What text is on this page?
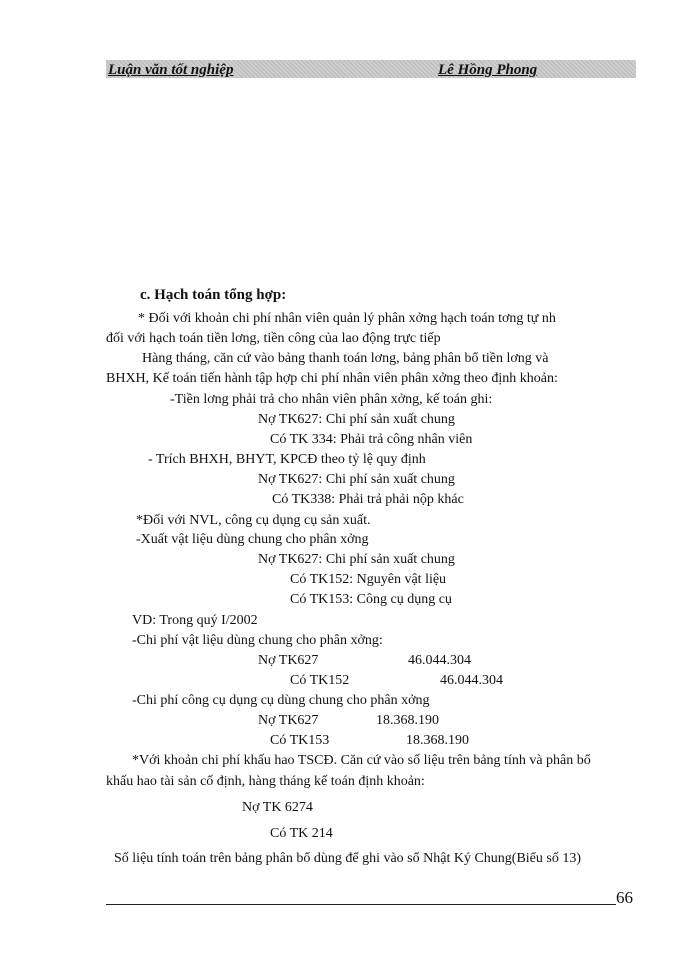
Luận văn tốt nghiệp	Lê Hồng Phong
c. Hạch toán tổng hợp:
* Đối với khoản chi phí nhân viên quản lý phân xởng hạch toán tơng tự nh
đối với hạch toán tiền lơng, tiền công của lao động trực tiếp
Hàng tháng, căn cứ vào bảng thanh toán lơng, bảng phân bổ tiền lơng và
BHXH, Kế toán tiến hành tập hợp chi phí nhân viên phân xởng theo định khoản:
-Tiền lơng phải trả cho nhân viên phân xởng, kế toán ghi:
Nợ TK627: Chi phí sản xuất chung
Có TK 334: Phải trả công nhân viên
- Trích BHXH, BHYT, KPCĐ theo tỷ lệ quy định
Nợ TK627: Chi phí sản xuất chung
Có TK338: Phải trả phải nộp khác
*Đối với NVL, công cụ dụng cụ sản xuất.
-Xuất vật liệu dùng chung cho phân xởng
Nợ TK627: Chi phí sản xuất chung
Có TK152: Nguyên vật liệu
Có TK153: Công cụ dụng cụ
VD: Trong quý I/2002
-Chi phí vật liệu dùng chung cho phân xởng:
Nợ TK627	46.044.304
Có TK152	46.044.304
-Chi phí công cụ dụng cụ dùng chung cho phân xởng
Nợ TK627	18.368.190
Có TK153	18.368.190
*Với khoản chi phí khấu hao TSCĐ. Căn cứ vào số liệu trên bảng tính và phân bổ
khấu hao tài sản cố định, hàng tháng kế toán định khoản:
Nợ TK 6274
Có TK 214
Số liệu tính toán trên bảng phân bổ dùng để ghi vào sổ Nhật Ký Chung(Biểu số 13)
66
